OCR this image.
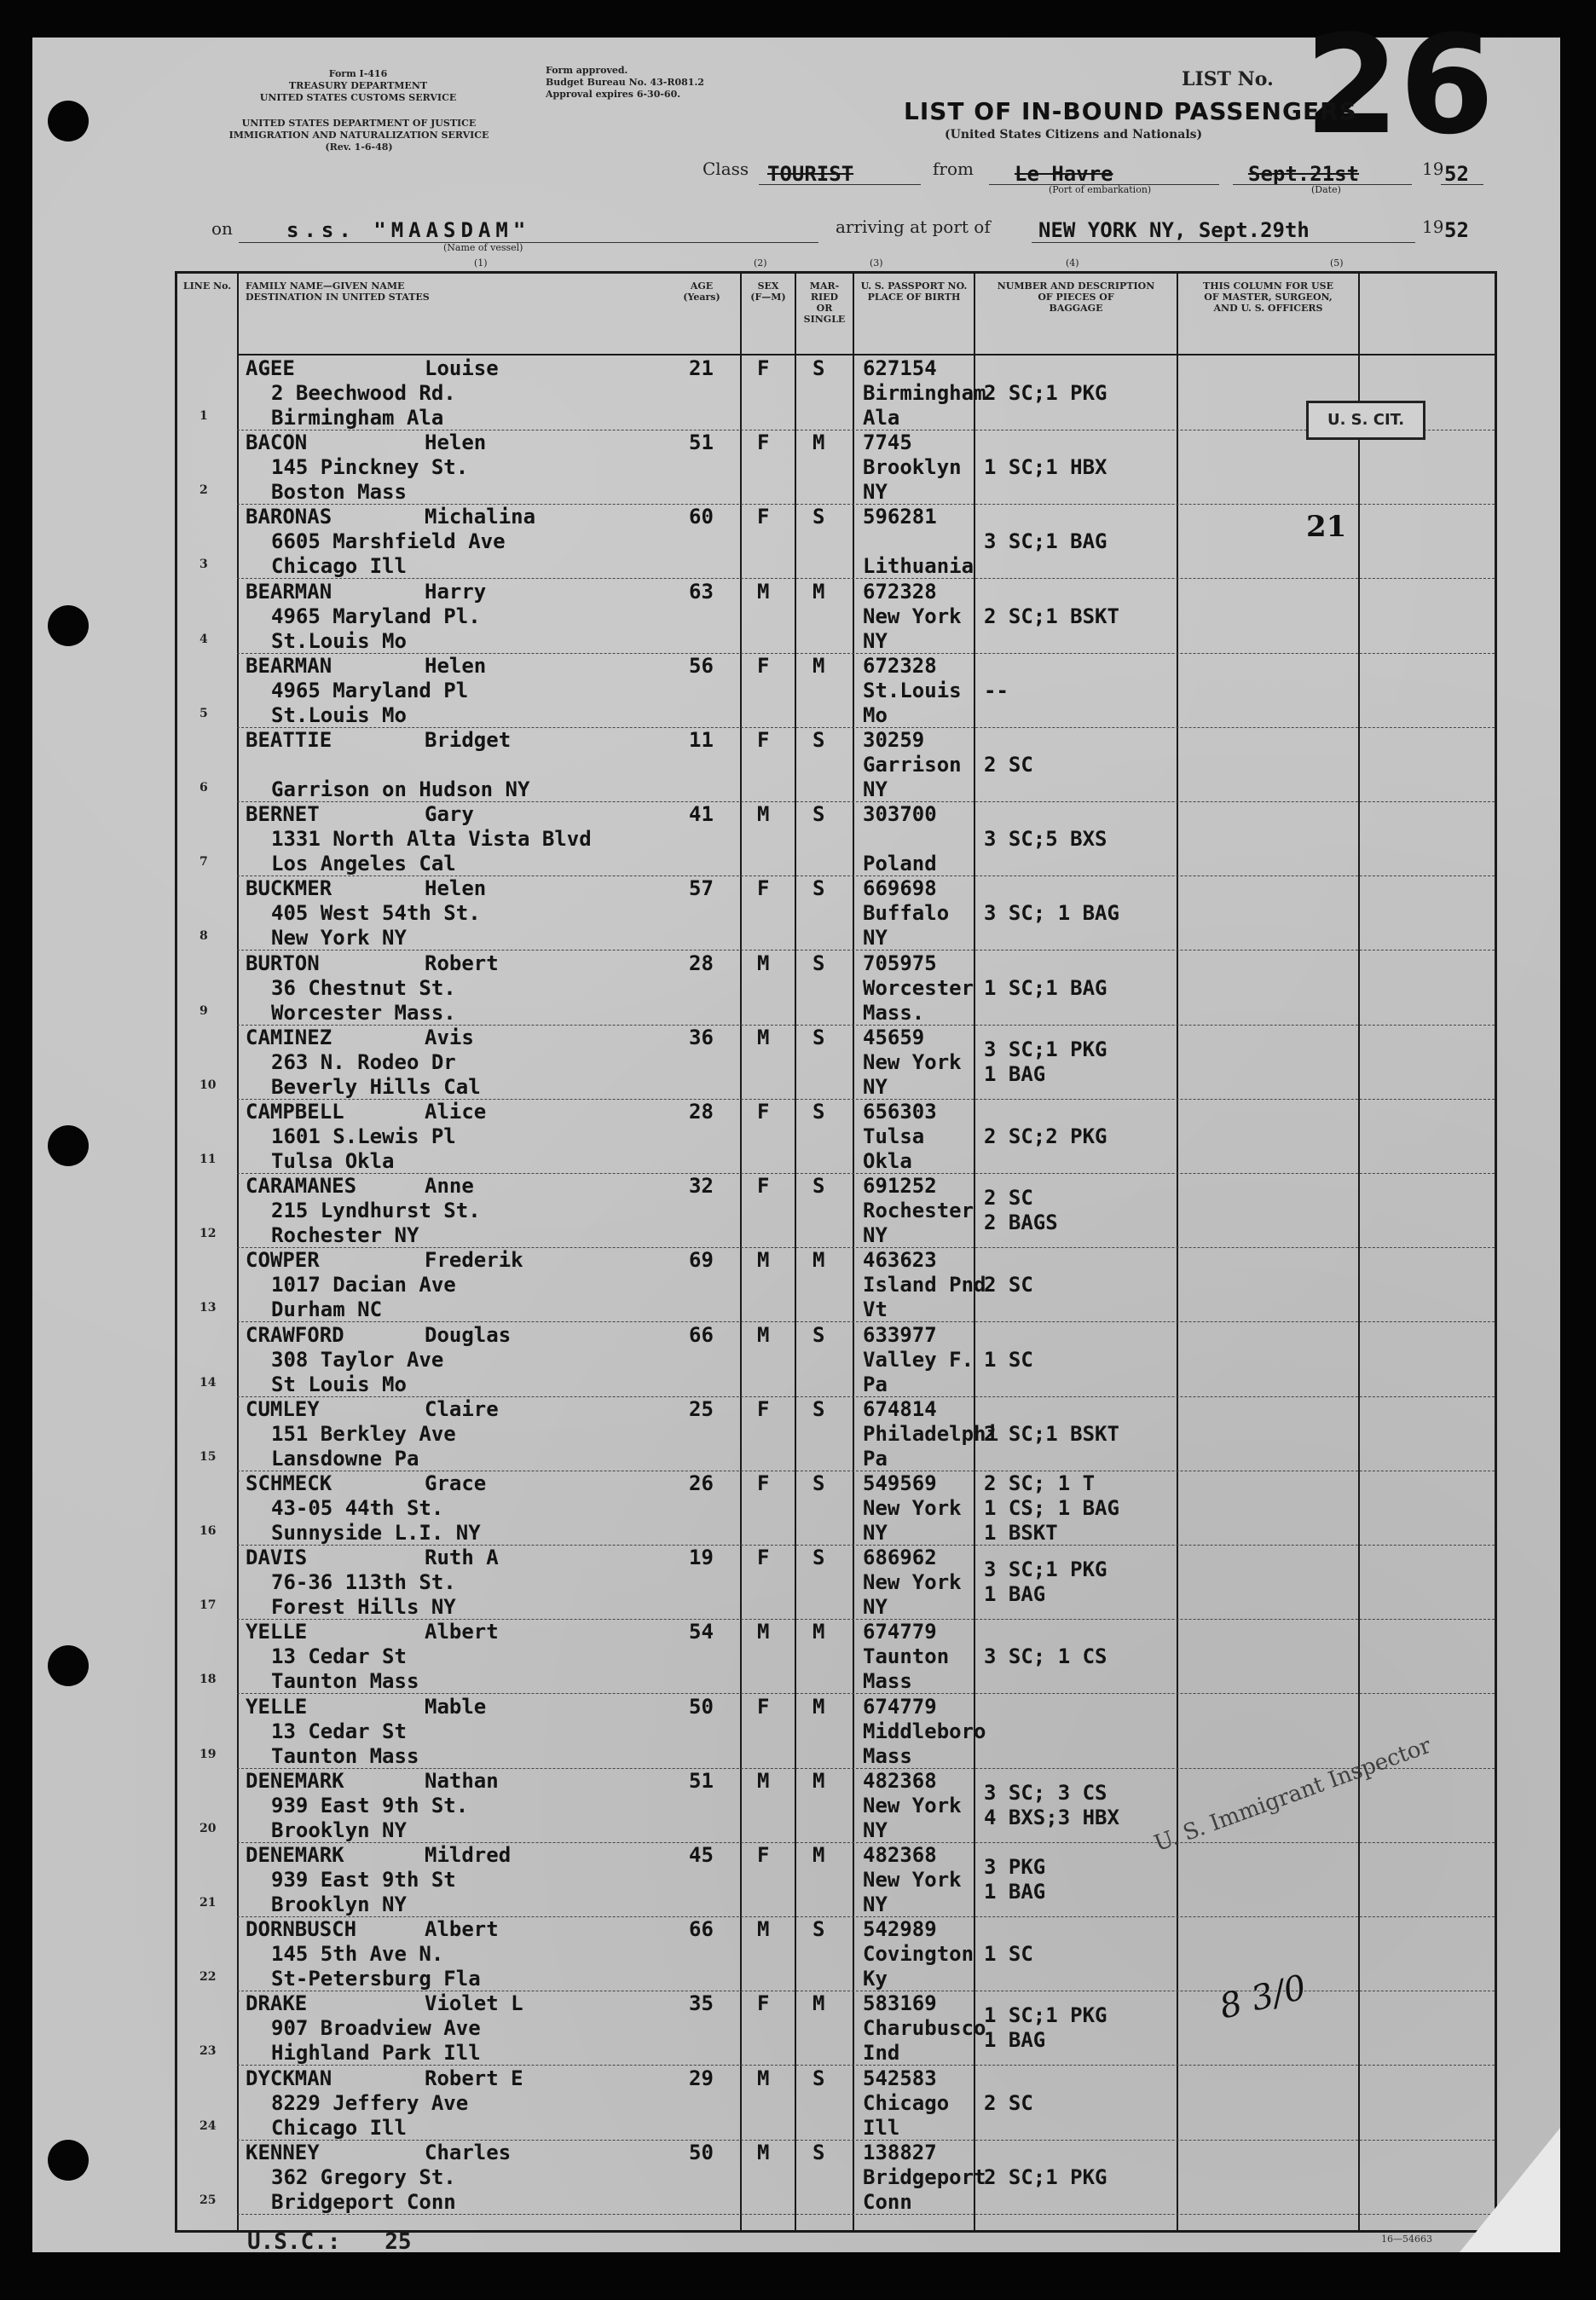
Form I-416
TREASURY DEPARTMENT
UNITED STATES CUSTOMS SERVICE
Form approved.
Budget Bureau No. 43-R081.2
Approval expires 6-30-60.
UNITED STATES DEPARTMENT OF JUSTICE
IMMIGRATION AND NATURALIZATION SERVICE
(Rev. 1-6-48)
LIST No. 26
LIST OF IN-BOUND PASSENGERS
(United States Citizens and Nationals)
Class TOURIST	from Le Havre
(Port of embarkation)
Sept.21st
(Date)
19 52
on	s.s. "MAASDAM"
(Name of vessel)
arriving at port of NEW YORK NY, Sept.29th	19 52
(1)	(2)	(3)	(4)	(5)
LINE No.	FAMILY NAME—GIVEN NAME
DESTINATION IN UNITED STATES
AGE
(Years)
SEX
(F—M)
MAR-
RIED
OR
SINGLE
U. S. PASSPORT NO.
PLACE OF BIRTH
NUMBER AND DESCRIPTION
OF PIECES OF
BAGGAGE
THIS COLUMN FOR USE
OF MASTER, SURGEON,
AND U. S. OFFICERS
1
AGEE	Louise
2 Beechwood Rd.
Birmingham Ala
21 F S 627154
Birmingham
Ala
2 SC;1 PKG
2
BACON	Helen
145 Pinckney St.
Boston Mass
51 F M 7745
Brooklyn
NY
1 SC;1 HBX
3
BARONAS	Michalina
6605 Marshfield Ave
Chicago Ill
60 F S 596281
Lithuania
3 SC;1 BAG
4
BEARMAN	Harry
4965 Maryland Pl.
St.Louis Mo
63 M M 672328
New York
NY
2 SC;1 BSKT
5
BEARMAN	Helen
4965 Maryland Pl
St.Louis Mo
56 F M 672328
St.Louis
Mo
--
6
BEATTIE	Bridget
Garrison on Hudson NY
11 F S 30259
Garrison
NY
2 SC
7
BERNET	Gary
1331 North Alta Vista Blvd
Los Angeles Cal
41 M S 303700
Poland
3 SC;5 BXS
8
BUCKMER	Helen
405 West 54th St.
New York NY
57 F S 669698
Buffalo
NY
3 SC; 1 BAG
9
BURTON	Robert
36 Chestnut St.
Worcester Mass.
28 M S 705975
Worcester
Mass.
1 SC;1 BAG
10
CAMINEZ	Avis
263 N. Rodeo Dr
Beverly Hills Cal
36 M S 45659
New York
NY
3 SC;1 PKG
1 BAG
11
CAMPBELL	Alice
1601 S.Lewis Pl
Tulsa Okla
28 F S 656303
Tulsa
Okla
2 SC;2 PKG
12
CARAMANES	Anne
215 Lyndhurst St.
Rochester NY
32 F S 691252
Rochester
NY
2 SC
2 BAGS
13
COWPER	Frederik
1017 Dacian Ave
Durham NC
69 M M 463623
Island Pnd
Vt
2 SC
14
CRAWFORD	Douglas
308 Taylor Ave
St Louis Mo
66 M S 633977
Valley F.
Pa
1 SC
15
CUMLEY	Claire
151 Berkley Ave
Lansdowne Pa
25 F S 674814
Philadelphi
Pa
2 SC;1 BSKT
16
SCHMECK	Grace
43-05 44th St.
Sunnyside L.I. NY
26 F S 549569
New York
NY
2 SC; 1 T
1 CS; 1 BAG
1 BSKT
17
DAVIS	Ruth A
76-36 113th St.
Forest Hills NY
19 F S 686962
New York
NY
3 SC;1 PKG
1 BAG
18
YELLE	Albert
13 Cedar St
Taunton Mass
54 M M 674779
Taunton
Mass
3 SC; 1 CS
19
YELLE	Mable
13 Cedar St
Taunton Mass
50 F M 674779
Middleboro
Mass
20
DENEMARK	Nathan
939 East 9th St.
Brooklyn NY
51 M M 482368
New York
NY
3 SC; 3 CS
4 BXS;3 HBX
21
DENEMARK	Mildred
939 East 9th St
Brooklyn NY
45 F M 482368
New York
NY
3 PKG
1 BAG
22
DORNBUSCH	Albert
145 5th Ave N.
St-Petersburg Fla
66 M S 542989
Covington
Ky
1 SC
23
DRAKE	Violet L
907 Broadview Ave
Highland Park Ill
35 F M 583169
Charubusco
Ind
1 SC;1 PKG
1 BAG
24
DYCKMAN	Robert E
8229 Jeffery Ave
Chicago Ill
29 M S 542583
Chicago
Ill
2 SC
25
KENNEY	Charles
362 Gregory St.
Bridgeport Conn
50 M S 138827
Bridgeport
Conn
2 SC;1 PKG
U. S. CIT.
21
U. S. Immigrant Inspector
8 3/0
U.S.C.: 25	16—54663
